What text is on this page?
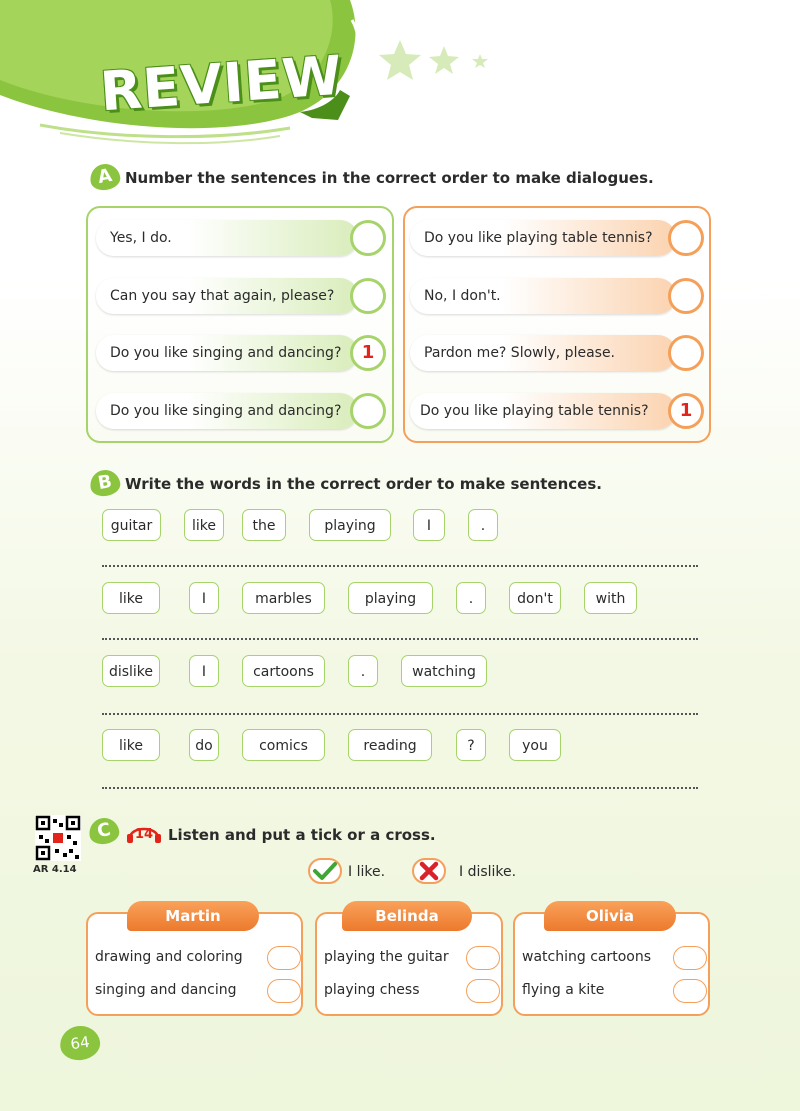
REVIEW
A Number the sentences in the correct order to make dialogues.
Yes, I do.
Can you say that again, please?
Do you like singing and dancing?	1
Do you like singing and dancing?
Do you like playing table tennis?
No, I don't.
Pardon me? Slowly, please.
Do you like playing table tennis?	1
B Write the words in the correct order to make sentences.
guitar	like	the	playing	I	.
like	I	marbles	playing	.	don't	with
dislike	I	cartoons	.	watching
like	do	comics	reading	?	you
AR 4.14
C	14 Listen and put a tick or a cross.
I like.	I dislike.
Martin
drawing and coloring
singing and dancing
Belinda
playing the guitar
playing chess
Olivia
watching cartoons
flying a kite
64
